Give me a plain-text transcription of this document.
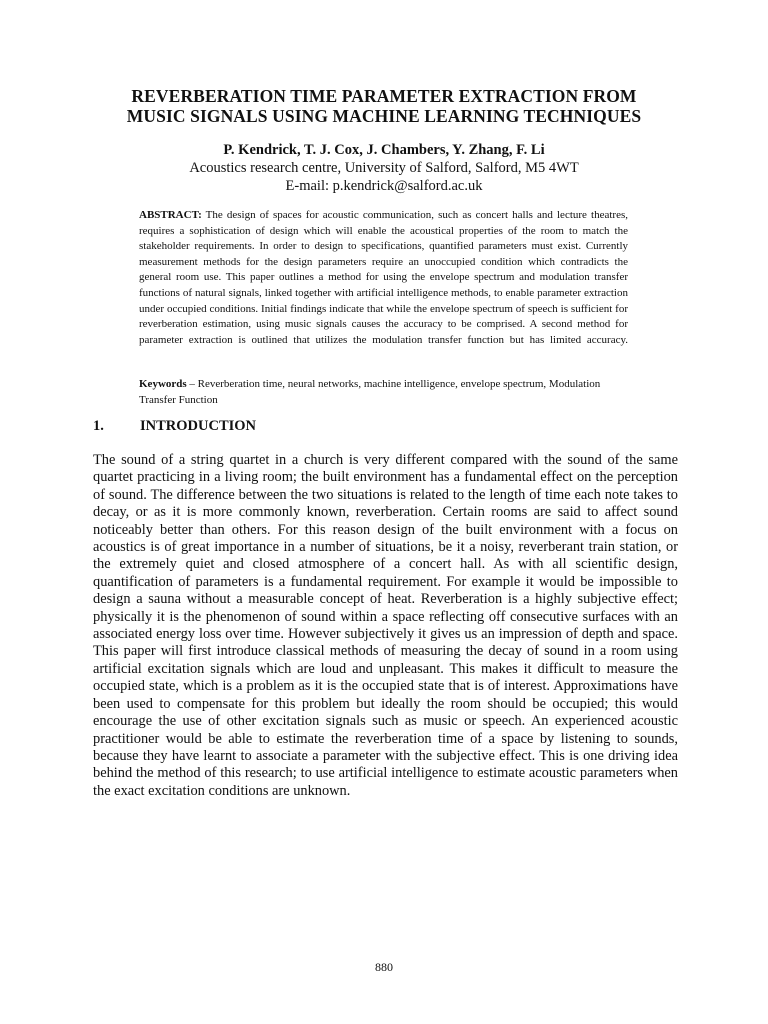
REVERBERATION TIME PARAMETER EXTRACTION FROM
MUSIC SIGNALS USING MACHINE LEARNING TECHNIQUES
P. Kendrick, T. J. Cox, J. Chambers, Y. Zhang, F. Li
Acoustics research centre, University of Salford, Salford, M5 4WT
E-mail: p.kendrick@salford.ac.uk
ABSTRACT: The design of spaces for acoustic communication, such as concert halls and lecture theatres, requires a sophistication of design which will enable the acoustical properties of the room to match the stakeholder requirements. In order to design to specifications, quantified parameters must exist. Currently measurement methods for the design parameters require an unoccupied condition which contradicts the general room use. This paper outlines a method for using the envelope spectrum and modulation transfer functions of natural signals, linked together with artificial intelligence methods, to enable parameter extraction under occupied conditions. Initial findings indicate that while the envelope spectrum of speech is sufficient for reverberation estimation, using music signals causes the accuracy to be comprised. A second method for parameter extraction is outlined that utilizes the modulation transfer function but has limited accuracy.
Keywords – Reverberation time, neural networks, machine intelligence, envelope spectrum, Modulation Transfer Function
1. INTRODUCTION
The sound of a string quartet in a church is very different compared with the sound of the same quartet practicing in a living room; the built environment has a fundamental effect on the perception of sound. The difference between the two situations is related to the length of time each note takes to decay, or as it is more commonly known, reverberation. Certain rooms are said to affect sound noticeably better than others. For this reason design of the built environment with a focus on acoustics is of great importance in a number of situations, be it a noisy, reverberant train station, or the extremely quiet and closed atmosphere of a concert hall. As with all scientific design, quantification of parameters is a fundamental requirement. For example it would be impossible to design a sauna without a measurable concept of heat. Reverberation is a highly subjective effect; physically it is the phenomenon of sound within a space reflecting off consecutive surfaces with an associated energy loss over time. However subjectively it gives us an impression of depth and space. This paper will first introduce classical methods of measuring the decay of sound in a room using artificial excitation signals which are loud and unpleasant. This makes it difficult to measure the occupied state, which is a problem as it is the occupied state that is of interest. Approximations have been used to compensate for this problem but ideally the room should be occupied; this would encourage the use of other excitation signals such as music or speech. An experienced acoustic practitioner would be able to estimate the reverberation time of a space by listening to sounds, because they have learnt to associate a parameter with the subjective effect. This is one driving idea behind the method of this research; to use artificial intelligence to estimate acoustic parameters when the exact excitation conditions are unknown.
880
